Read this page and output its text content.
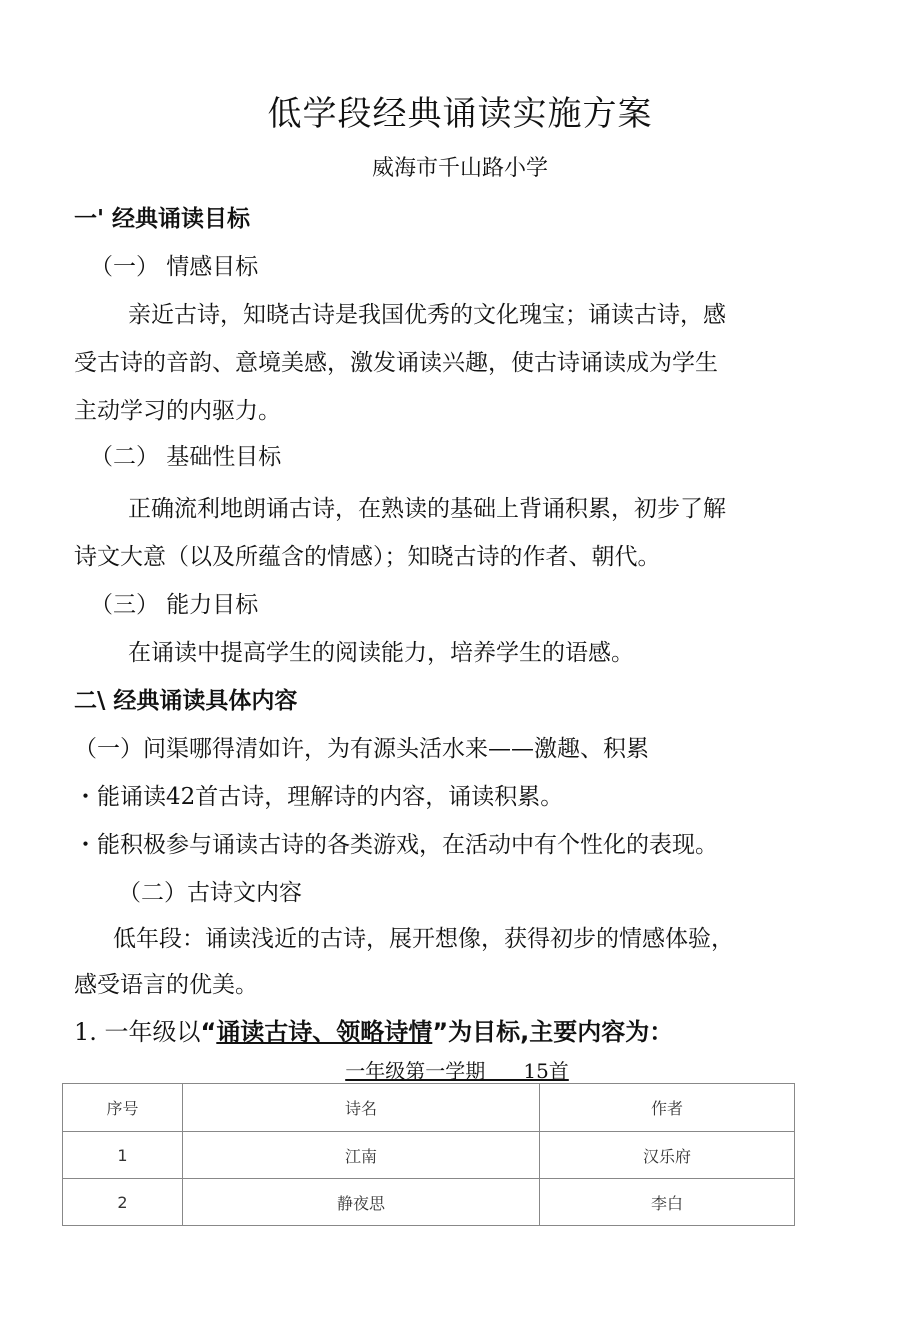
低学段经典诵读实施方案
威海市千山路小学
一' 经典诵读目标
（一） 情感目标
亲近古诗，知晓古诗是我国优秀的文化瑰宝；诵读古诗，感
受古诗的音韵、意境美感，激发诵读兴趣，使古诗诵读成为学生
主动学习的内驱力。
（二） 基础性目标
正确流利地朗诵古诗，在熟读的基础上背诵积累，初步了解
诗文大意（以及所蕴含的情感）；知晓古诗的作者、朝代。
（三） 能力目标
在诵读中提高学生的阅读能力，培养学生的语感。
二\ 经典诵读具体内容
（一）问渠哪得清如许，为有源头活水来——激趣、积累
・能诵读42首古诗，理解诗的内容，诵读积累。
・能积极参与诵读古诗的各类游戏，在活动中有个性化的表现。
（二）古诗文内容
低年段：诵读浅近的古诗，展开想像，获得初步的情感体验，
感受语言的优美。
1. 一年级以“诵读古诗、领略诗情”为目标,主要内容为：
一年级第一学期      15首
序号	诗名	作者
1	江南	汉乐府
2	静夜思	李白
